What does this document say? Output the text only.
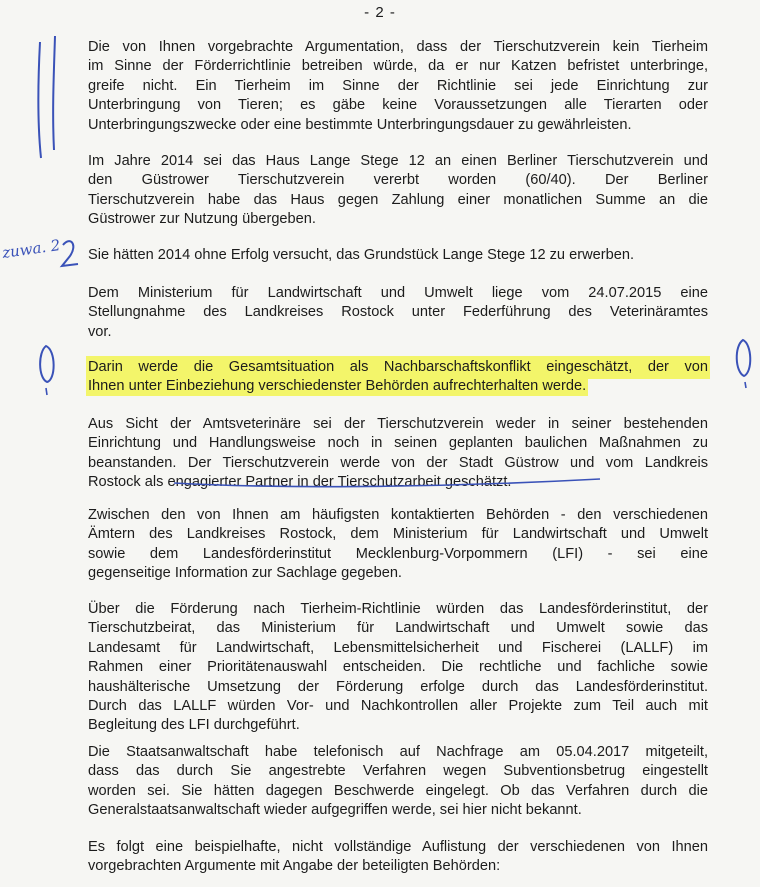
- 2 -
Die von Ihnen vorgebrachte Argumentation, dass der Tierschutzverein kein Tierheim
im Sinne der Förderrichtlinie betreiben würde, da er nur Katzen befristet unterbringe,
greife nicht. Ein Tierheim im Sinne der Richtlinie sei jede Einrichtung zur
Unterbringung von Tieren; es gäbe keine Voraussetzungen alle Tierarten oder
Unterbringungszwecke oder eine bestimmte Unterbringungsdauer zu gewährleisten.
Im Jahre 2014 sei das Haus Lange Stege 12 an einen Berliner Tierschutzverein und
den Güstrower Tierschutzverein vererbt worden (60/40). Der Berliner
Tierschutzverein habe das Haus gegen Zahlung einer monatlichen Summe an die
Güstrower zur Nutzung übergeben.
Sie hätten 2014 ohne Erfolg versucht, das Grundstück Lange Stege 12 zu erwerben.
Dem Ministerium für Landwirtschaft und Umwelt liege vom 24.07.2015 eine
Stellungnahme des Landkreises Rostock unter Federführung des Veterinäramtes
vor.
Darin werde die Gesamtsituation als Nachbarschaftskonflikt eingeschätzt, der von
Ihnen unter Einbeziehung verschiedenster Behörden aufrechterhalten werde.
Aus Sicht der Amtsveterinäre sei der Tierschutzverein weder in seiner bestehenden
Einrichtung und Handlungsweise noch in seinen geplanten baulichen Maßnahmen zu
beanstanden. Der Tierschutzverein werde von der Stadt Güstrow und vom Landkreis
Rostock als engagierter Partner in der Tierschutzarbeit geschätzt.
Zwischen den von Ihnen am häufigsten kontaktierten Behörden - den verschiedenen
Ämtern des Landkreises Rostock, dem Ministerium für Landwirtschaft und Umwelt
sowie dem Landesförderinstitut Mecklenburg-Vorpommern (LFI) - sei eine
gegenseitige Information zur Sachlage gegeben.
Über die Förderung nach Tierheim-Richtlinie würden das Landesförderinstitut, der
Tierschutzbeirat, das Ministerium für Landwirtschaft und Umwelt sowie das
Landesamt für Landwirtschaft, Lebensmittelsicherheit und Fischerei (LALLF) im
Rahmen einer Prioritätenauswahl entscheiden. Die rechtliche und fachliche sowie
haushälterische Umsetzung der Förderung erfolge durch das Landesförderinstitut.
Durch das LALLF würden Vor- und Nachkontrollen aller Projekte zum Teil auch mit
Begleitung des LFI durchgeführt.
Die Staatsanwaltschaft habe telefonisch auf Nachfrage am 05.04.2017 mitgeteilt,
dass das durch Sie angestrebte Verfahren wegen Subventionsbetrug eingestellt
worden sei. Sie hätten dagegen Beschwerde eingelegt. Ob das Verfahren durch die
Generalstaatsanwaltschaft wieder aufgegriffen werde, sei hier nicht bekannt.
Es folgt eine beispielhafte, nicht vollständige Auflistung der verschiedenen von Ihnen
vorgebrachten Argumente mit Angabe der beteiligten Behörden:
zuwa. 2
